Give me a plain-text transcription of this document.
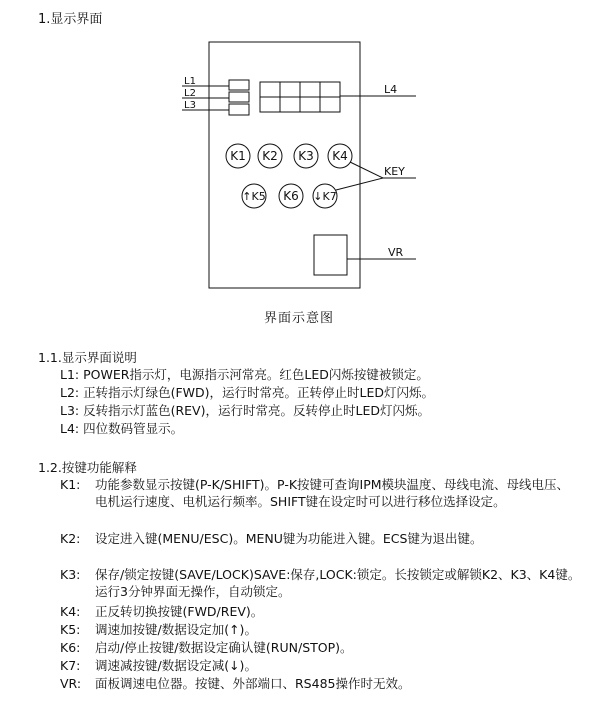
1.显示界面
L1
L2
L3
L4
KEY
VR
K1 K2 K3 K4
↑K5 K6 ↓K7
界面示意图
1.1.显示界面说明
L1: POWER指示灯，电源指示河常亮。红色LED闪烁按键被锁定。
L2: 正转指示灯绿色(FWD)，运行时常亮。正转停止时LED灯闪烁。
L3: 反转指示灯蓝色(REV)，运行时常亮。反转停止时LED灯闪烁。
L4: 四位数码管显示。
1.2.按键功能解释
K1: 功能参数显示按键(P-K/SHIFT)。P-K按键可查询IPM模块温度、母线电流、母线电压、电机运行速度、电机运行频率。SHIFT键在设定时可以进行移位选择设定。
K2: 设定进入键(MENU/ESC)。MENU键为功能进入键。ECS键为退出键。
K3: 保存/锁定按键(SAVE/LOCK)SAVE:保存,LOCK:锁定。长按锁定或解锁K2、K3、K4键。运行3分钟界面无操作，自动锁定。
K4: 正反转切换按键(FWD/REV)。
K5: 调速加按键/数据设定加(↑)。
K6: 启动/停止按键/数据设定确认键(RUN/STOP)。
K7: 调速减按键/数据设定减(↓)。
VR: 面板调速电位器。按键、外部端口、RS485操作时无效。
